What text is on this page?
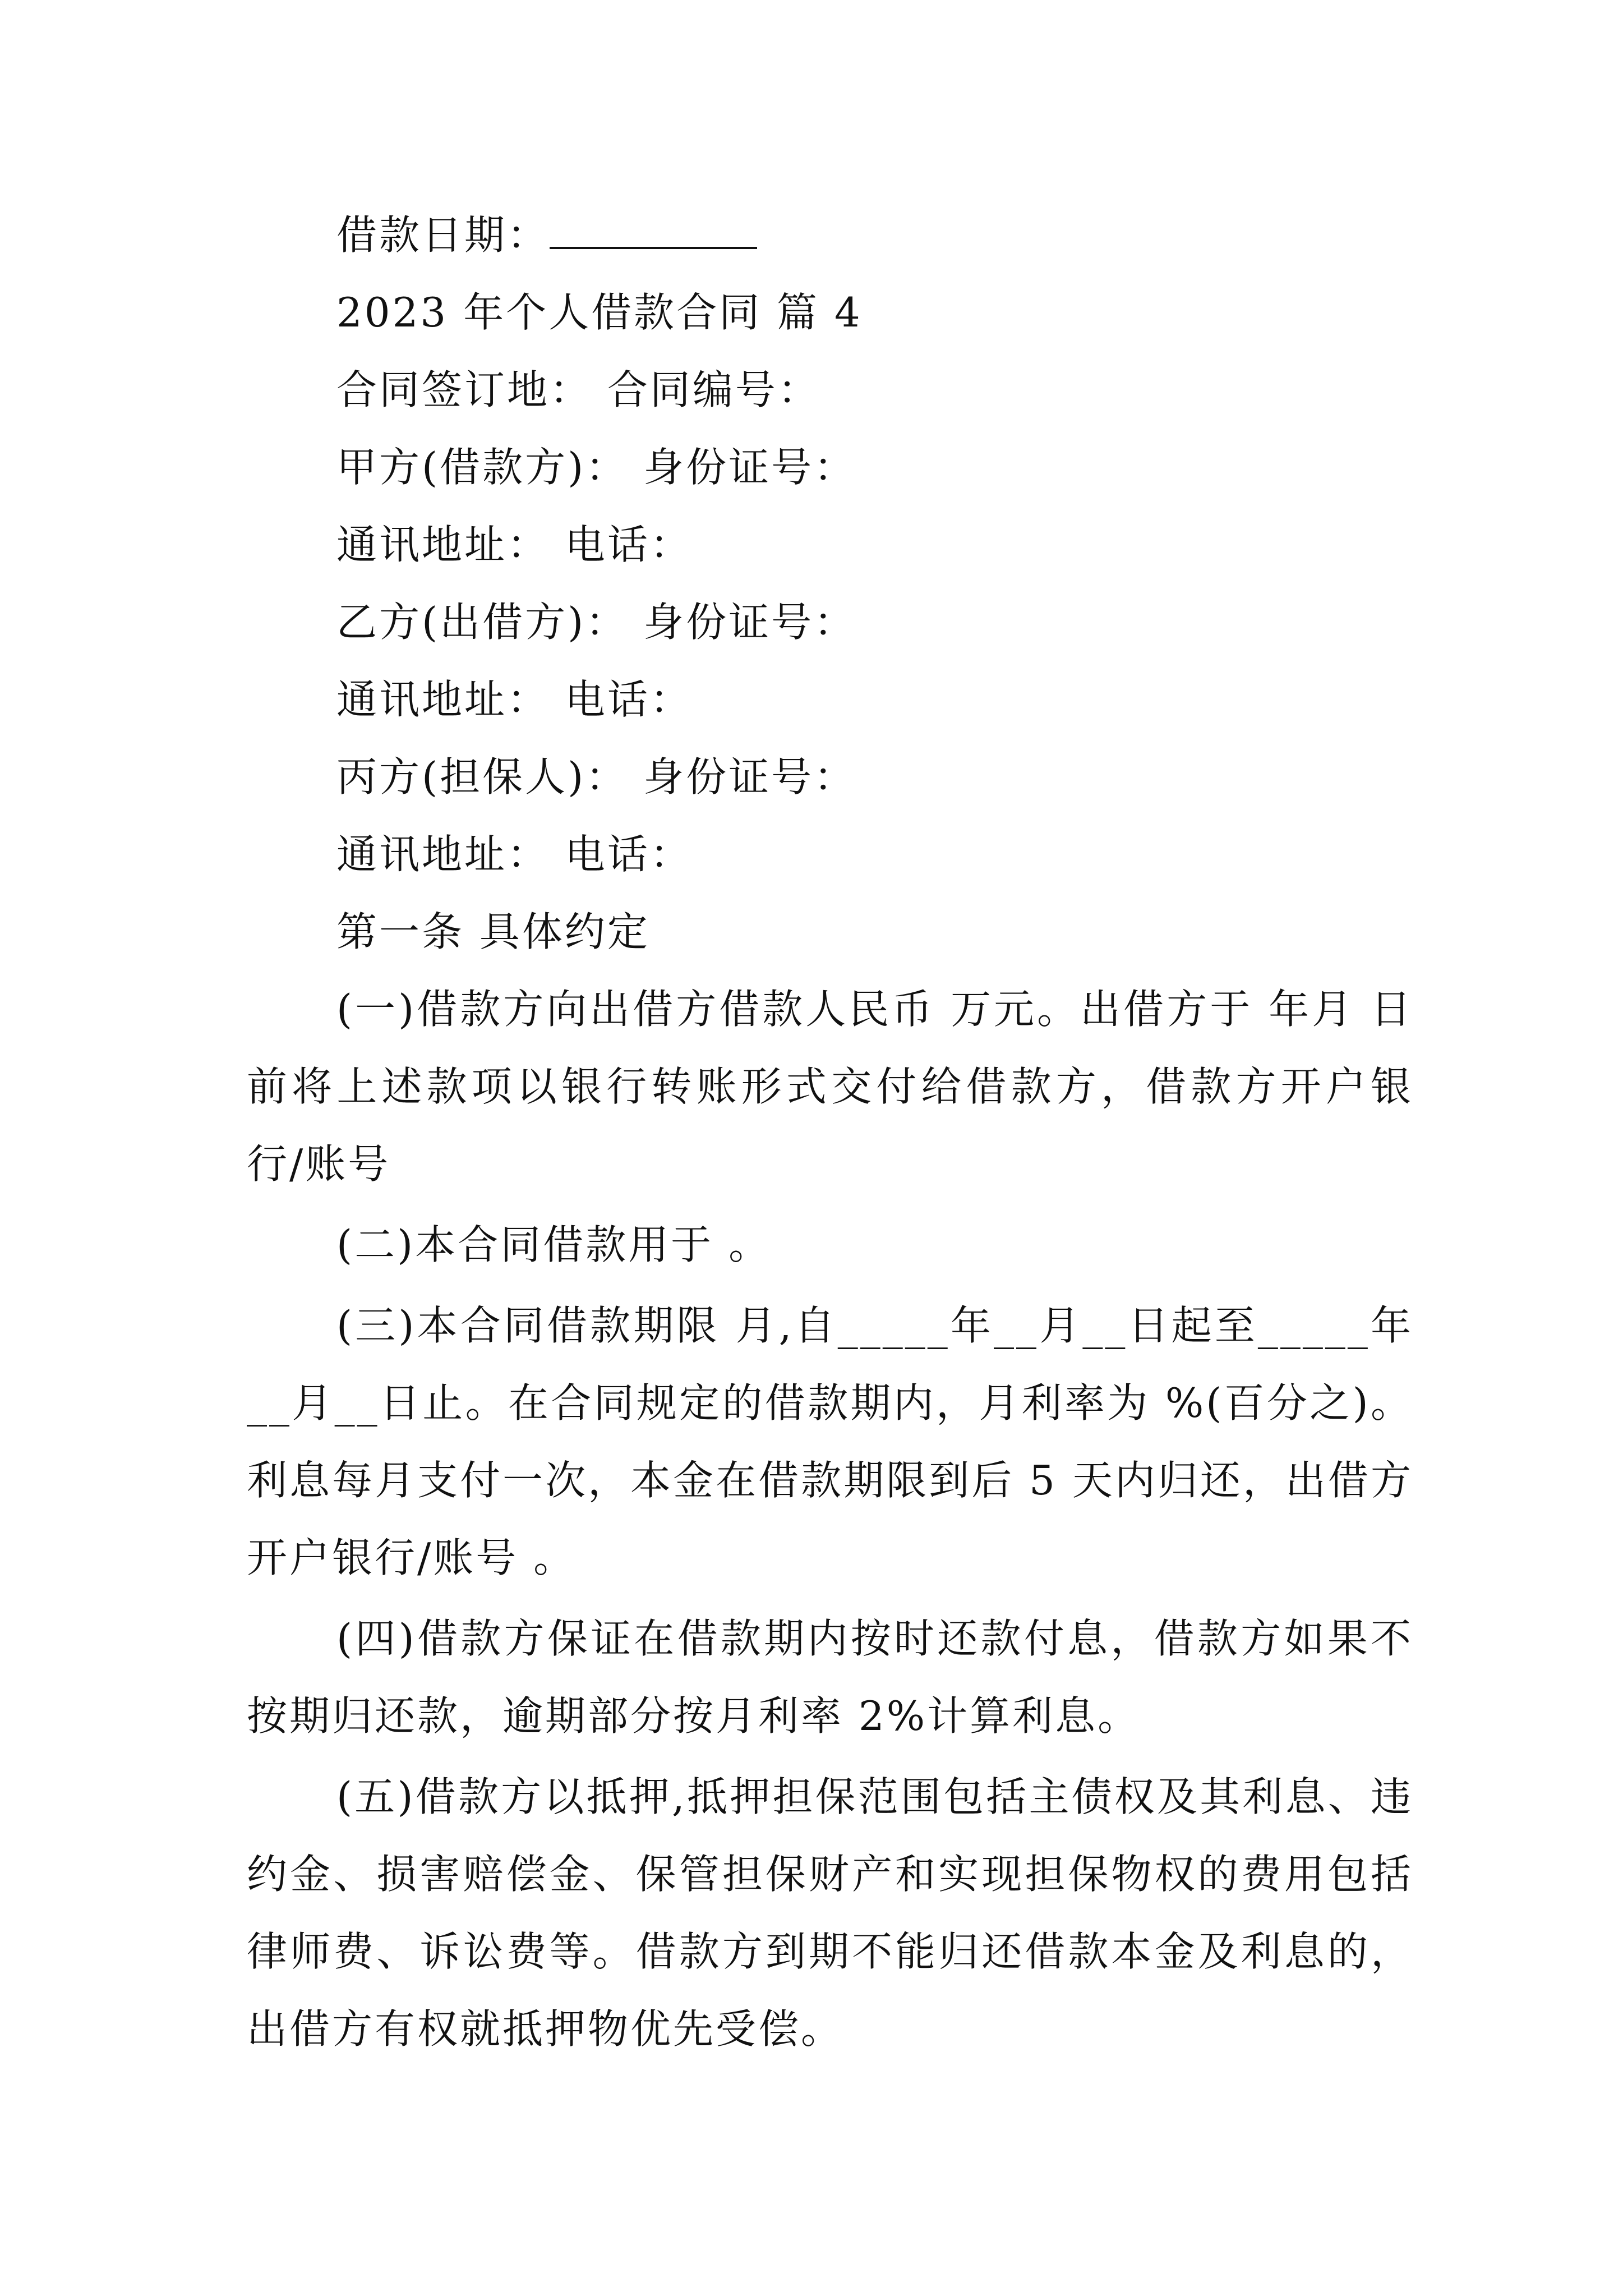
借款日期：
2023 年个人借款合同 篇 4
合同签订地： 合同编号：
甲方(借款方)： 身份证号：
通讯地址： 电话：
乙方(出借方)： 身份证号：
通讯地址： 电话：
丙方(担保人)： 身份证号：
通讯地址： 电话：
第一条 具体约定

(一)借款方向出借方借款人民币 万元。出借方于 年月 日前将上述款项以银行转账形式交付给借款方，借款方开户银行/账号

(二)本合同借款用于 。

(三)本合同借款期限 月,自_____年__月__日起至_____年__月__日止。在合同规定的借款期内，月利率为 %(百分之)。利息每月支付一次，本金在借款期限到后 5 天内归还，出借方开户银行/账号 。

(四)借款方保证在借款期内按时还款付息，借款方如果不按期归还款，逾期部分按月利率 2%计算利息。

(五)借款方以抵押,抵押担保范围包括主债权及其利息、违约金、损害赔偿金、保管担保财产和实现担保物权的费用包括律师费、诉讼费等。借款方到期不能归还借款本金及利息的，出借方有权就抵押物优先受偿。
